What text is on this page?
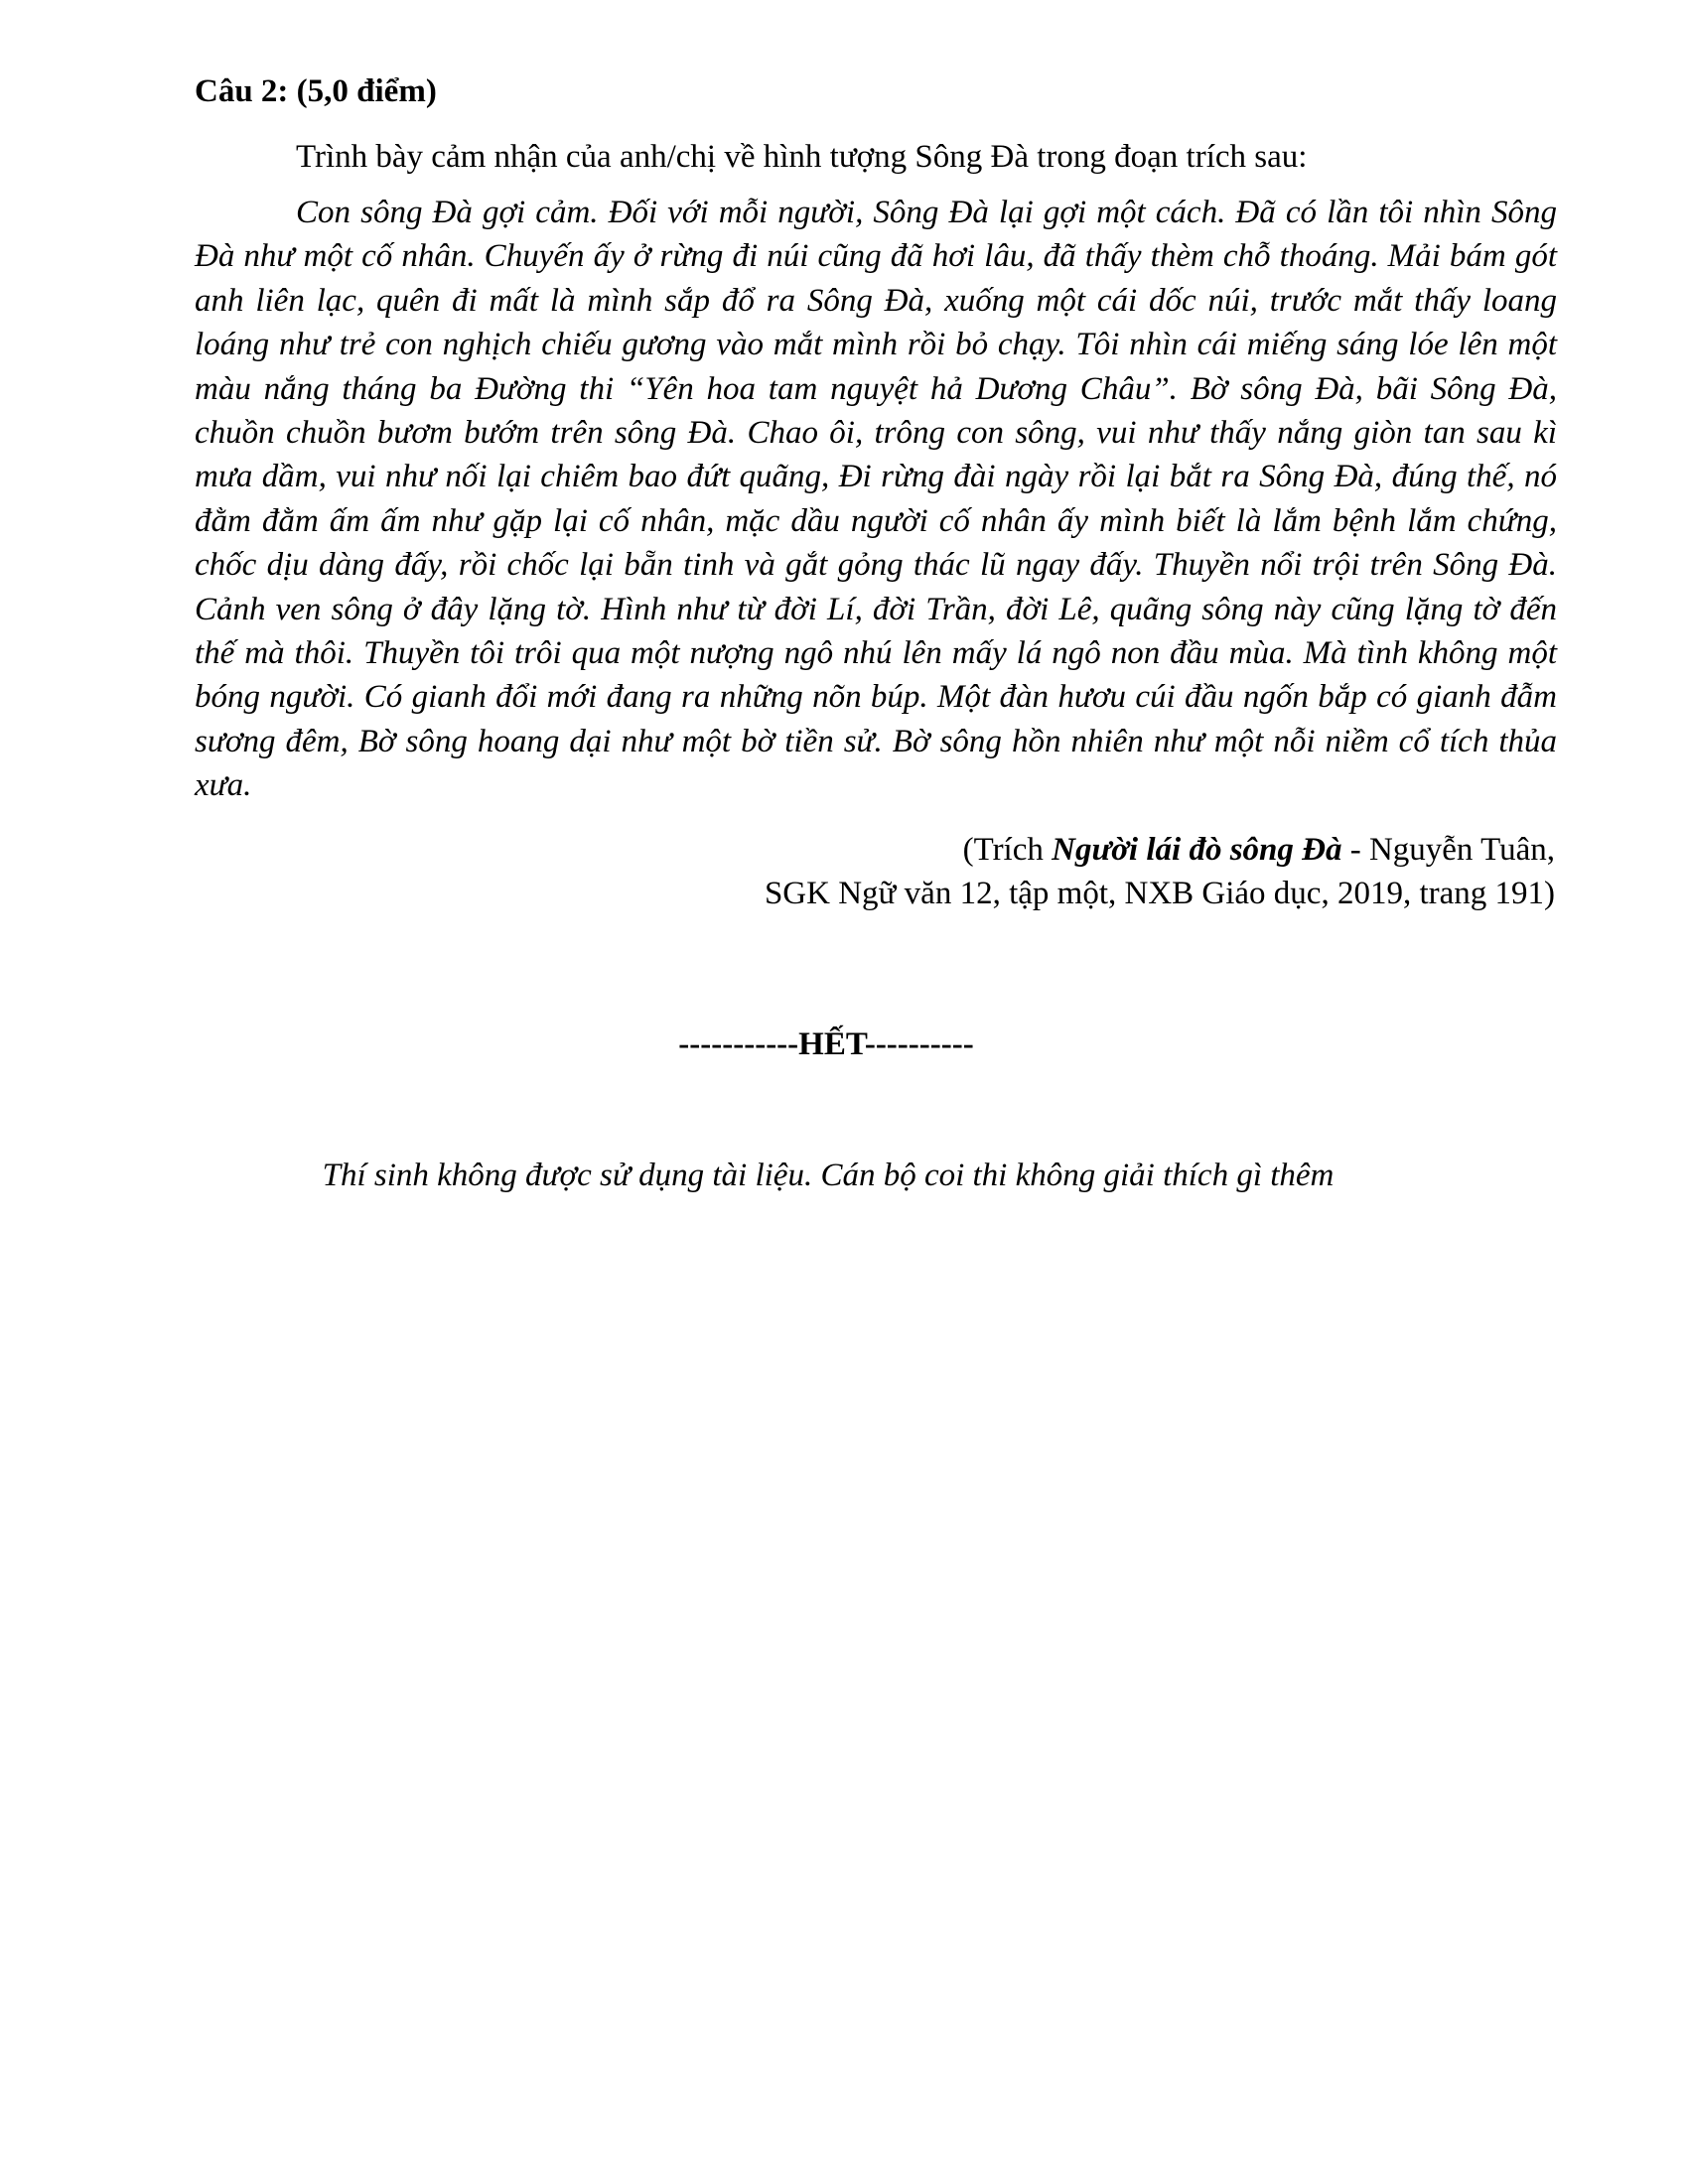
Câu 2: (5,0 điểm)
Trình bày cảm nhận của anh/chị về hình tượng Sông Đà trong đoạn trích sau:

Con sông Đà gợi cảm. Đối với mỗi người, Sông Đà lại gợi một cách. Đã có lần tôi nhìn Sông Đà như một cố nhân. Chuyến ấy ở rừng đi núi cũng đã hơi lâu, đã thấy thèm chỗ thoáng. Mải bám gót anh liên lạc, quên đi mất là mình sắp đổ ra Sông Đà, xuống một cái dốc núi, trước mắt thấy loang loáng như trẻ con nghịch chiếu gương vào mắt mình rồi bỏ chạy. Tôi nhìn cái miếng sáng lóe lên một màu nắng tháng ba Đường thi “Yên hoa tam nguyệt hả Dương Châu”. Bờ sông Đà, bãi Sông Đà, chuồn chuồn bươm bướm trên sông Đà. Chao ôi, trông con sông, vui như thấy nắng giòn tan sau kì mưa dầm, vui như nối lại chiêm bao đứt quãng, Đi rừng đài ngày rồi lại bắt ra Sông Đà, đúng thế, nó đằm đằm ấm ấm như gặp lại cố nhân, mặc dầu người cố nhân ấy mình biết là lắm bệnh lắm chứng, chốc dịu dàng đấy, rồi chốc lại bẵn tinh và gắt gỏng thác lũ ngay đấy. Thuyền nổi trội trên Sông Đà. Cảnh ven sông ở đây lặng tờ. Hình như từ đời Lí, đời Trần, đời Lê, quãng sông này cũng lặng tờ đến thế mà thôi. Thuyền tôi trôi qua một nượng ngô nhú lên mấy lá ngô non đầu mùa. Mà tình không một bóng người. Có gianh đổi mới đang ra những nõn búp. Một đàn hươu cúi đầu ngốn bắp có gianh đẫm sương đêm, Bờ sông hoang dại như một bờ tiền sử. Bờ sông hồn nhiên như một nỗi niềm cổ tích thủa xưa.

(Trích Người lái đò sông Đà - Nguyễn Tuân,
SGK Ngữ văn 12, tập một, NXB Giáo dục, 2019, trang 191)
-----------HẾT----------
Thí sinh không được sử dụng tài liệu. Cán bộ coi thi không giải thích gì thêm
